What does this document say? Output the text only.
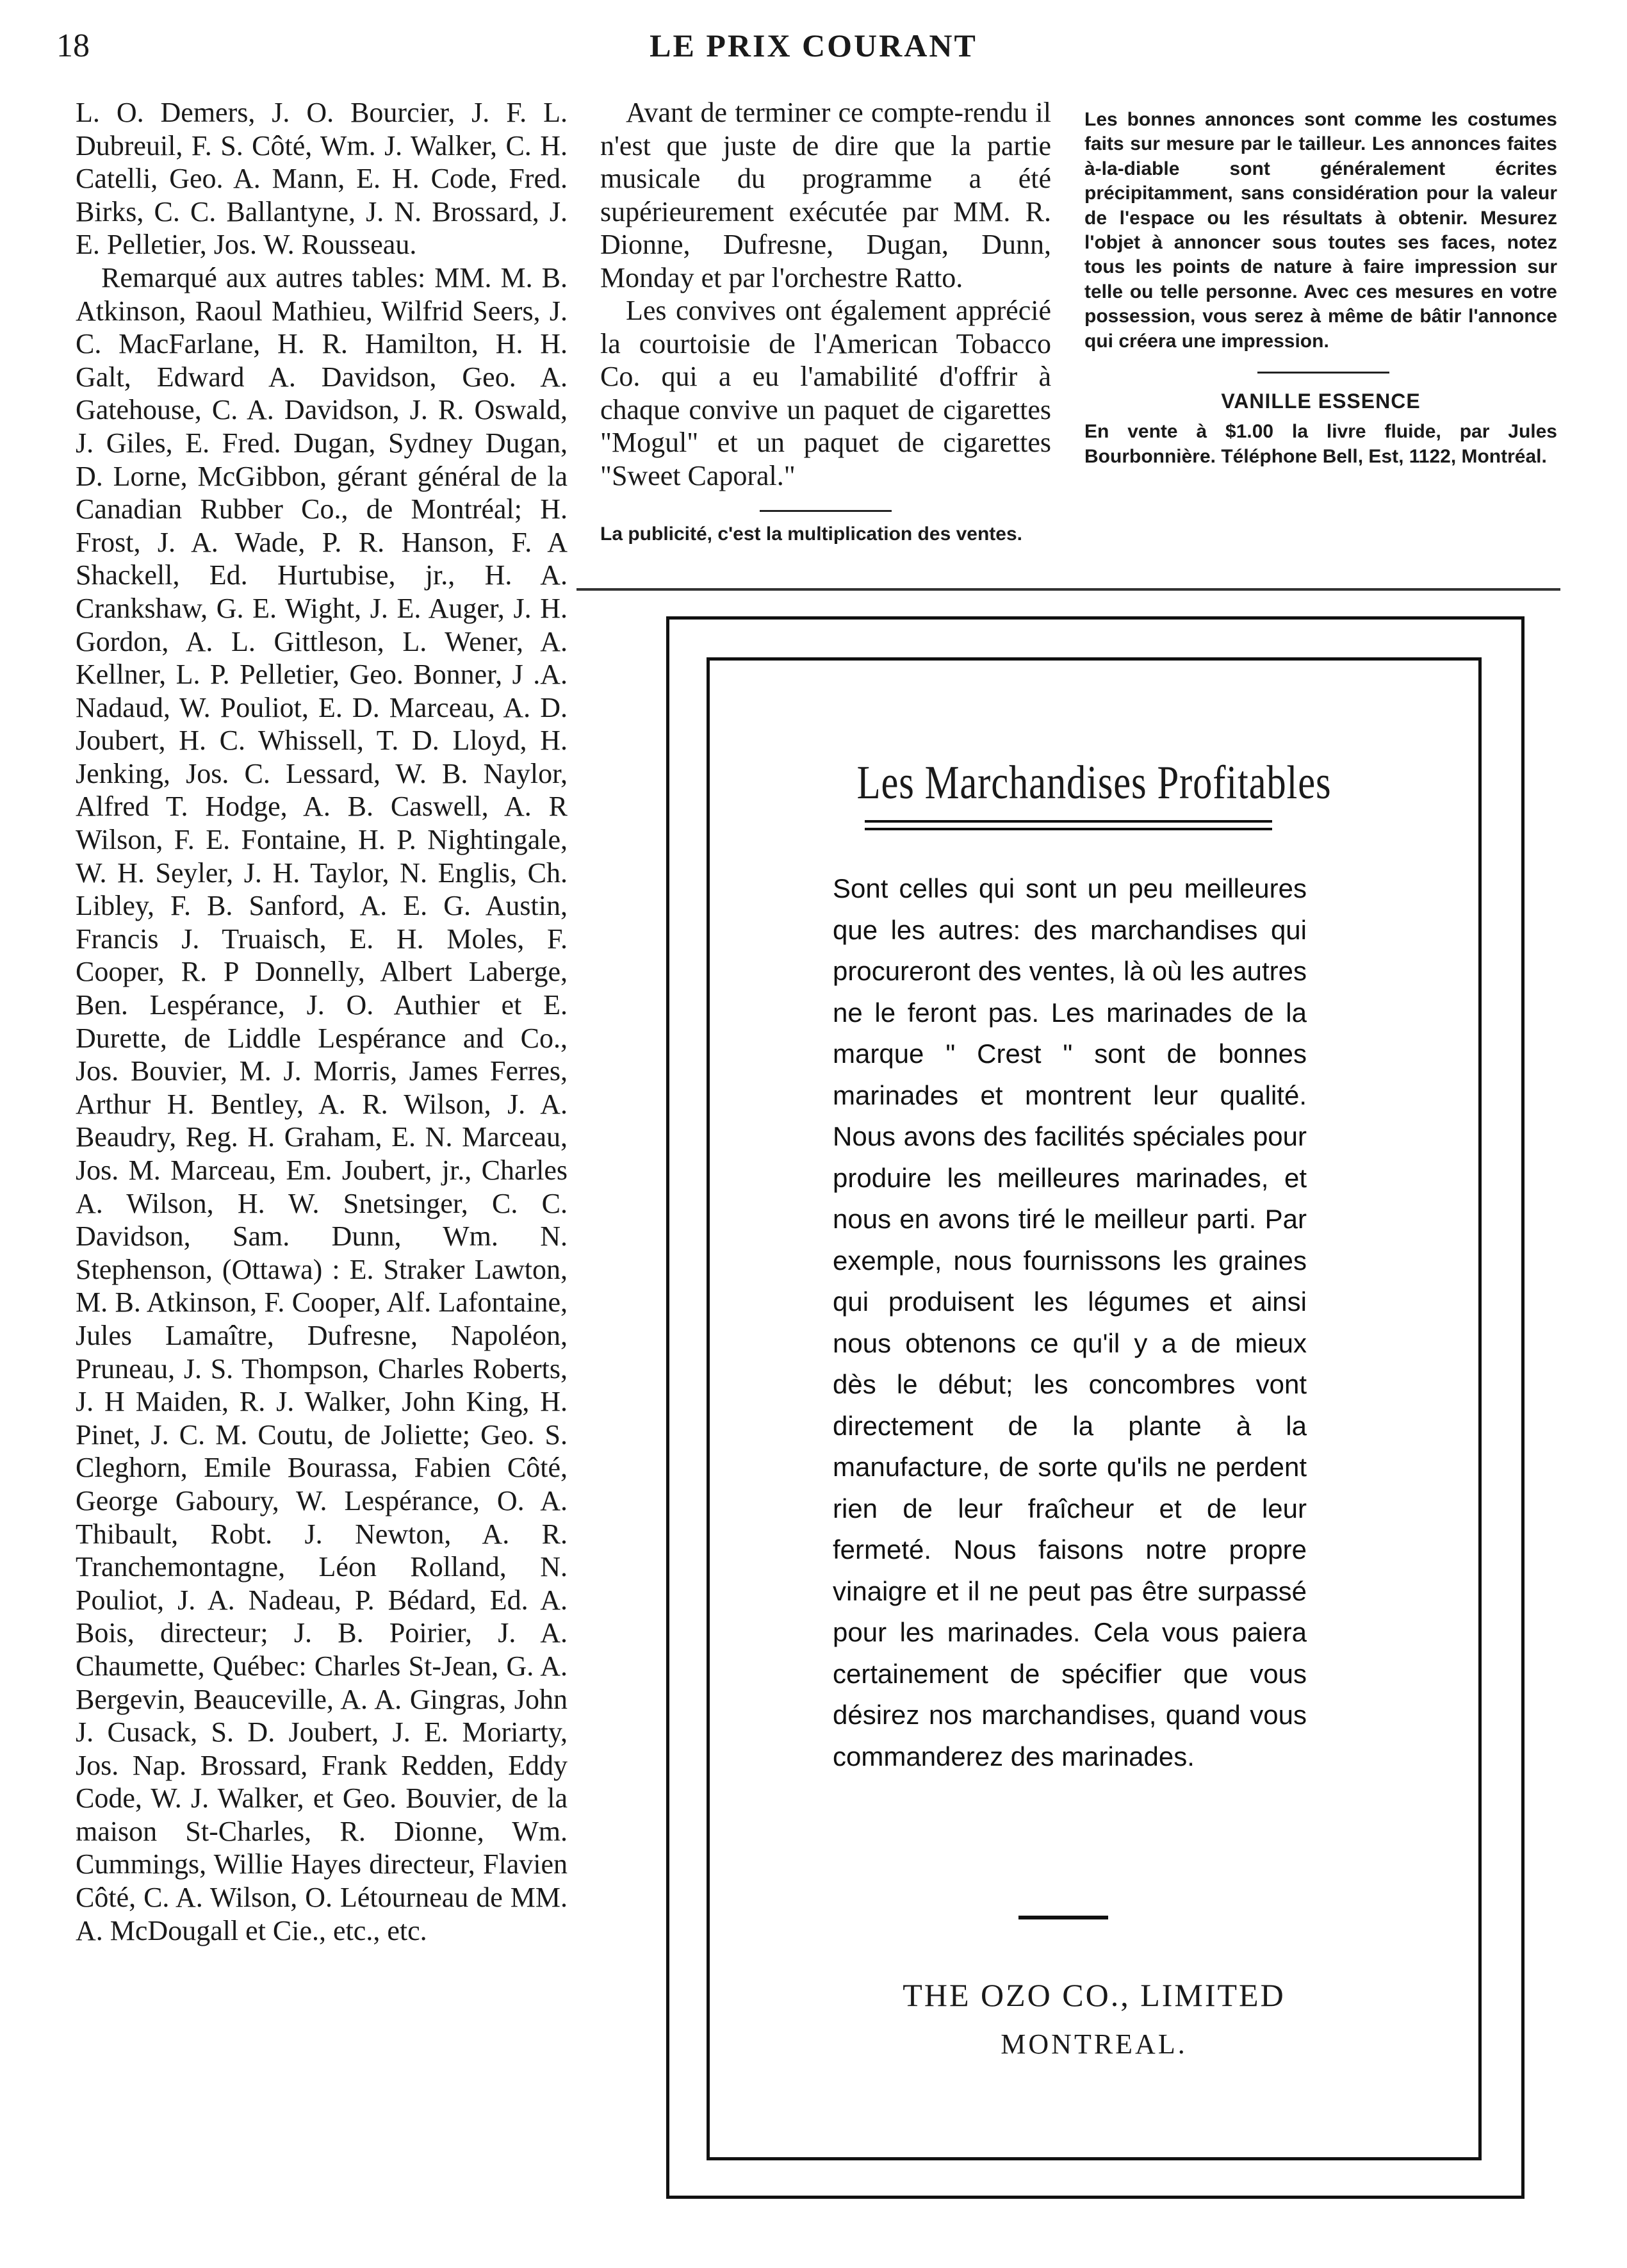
18	LE PRIX COURANT

L. O. Demers, J. O. Bourcier, J. F. L. Dubreuil, F. S. Côté, Wm. J. Walker, C. H. Catelli, Geo. A. Mann, E. H. Code, Fred. Birks, C. C. Ballantyne, J. N. Brossard, J. E. Pelletier, Jos. W. Rousseau.

Remarqué aux autres tables: MM. M. B. Atkinson, Raoul Mathieu, Wilfrid Seers, J. C. MacFarlane, H. R. Hamilton, H. H. Galt, Edward A. Davidson, Geo. A. Gatehouse, C. A. Davidson, J. R. Oswald, J. Giles, E. Fred. Dugan, Sydney Dugan, D. Lorne, McGibbon, gérant général de la Canadian Rubber Co., de Montréal; H. Frost, J. A. Wade, P. R. Hanson, F. A Shackell, Ed. Hurtubise, jr., H. A. Crankshaw, G. E. Wight, J. E. Auger, J. H. Gordon, A. L. Gittleson, L. Wener, A. Kellner, L. P. Pelletier, Geo. Bonner, J .A. Nadaud, W. Pouliot, E. D. Marceau, A. D. Joubert, H. C. Whissell, T. D. Lloyd, H. Jenking, Jos. C. Lessard, W. B. Naylor, Alfred T. Hodge, A. B. Caswell, A. R Wilson, F. E. Fontaine, H. P. Nightingale, W. H. Seyler, J. H. Taylor, N. Englis, Ch. Libley, F. B. Sanford, A. E. G. Austin, Francis J. Truaisch, E. H. Moles, F. Cooper, R. P Donnelly, Albert Laberge, Ben. Lespérance, J. O. Authier et E. Durette, de Liddle Lespérance and Co., Jos. Bouvier, M. J. Morris, James Ferres, Arthur H. Bentley, A. R. Wilson, J. A. Beaudry, Reg. H. Graham, E. N. Marceau, Jos. M. Marceau, Em. Joubert, jr., Charles A. Wilson, H. W. Snetsinger, C. C. Davidson, Sam. Dunn, Wm. N. Stephenson, (Ottawa) : E. Straker Lawton, M. B. Atkinson, F. Cooper, Alf. Lafontaine, Jules Lamaître, Dufresne, Napoléon, Pruneau, J. S. Thompson, Charles Roberts, J. H Maiden, R. J. Walker, John King, H. Pinet, J. C. M. Coutu, de Joliette; Geo. S. Cleghorn, Emile Bourassa, Fabien Côté, George Gaboury, W. Lespérance, O. A. Thibault, Robt. J. Newton, A. R. Tranchemontagne, Léon Rolland, N. Pouliot, J. A. Nadeau, P. Bédard, Ed. A. Bois, directeur; J. B. Poirier, J. A. Chaumette, Québec: Charles St-Jean, G. A. Bergevin, Beauceville, A. A. Gingras, John J. Cusack, S. D. Joubert, J. E. Moriarty, Jos. Nap. Brossard, Frank Redden, Eddy Code, W. J. Walker, et Geo. Bouvier, de la maison St-Charles, R. Dionne, Wm. Cummings, Willie Hayes directeur, Flavien Côté, C. A. Wilson, O. Létourneau de MM. A. McDougall et Cie., etc., etc.

Avant de terminer ce compte-rendu il n'est que juste de dire que la partie musicale du programme a été supérieurement exécutée par MM. R. Dionne, Dufresne, Dugan, Dunn, Monday et par l'orchestre Ratto.

Les convives ont également apprécié la courtoisie de l'American Tobacco Co. qui a eu l'amabilité d'offrir à chaque convive un paquet de cigarettes "Mogul" et un paquet de cigarettes "Sweet Caporal."

La publicité, c'est la multiplication des ventes.

Les bonnes annonces sont comme les costumes faits sur mesure par le tailleur. Les annonces faites à-la-diable sont généralement écrites précipitamment, sans considération pour la valeur de l'espace ou les résultats à obtenir. Mesurez l'objet à annoncer sous toutes ses faces, notez tous les points de nature à faire impression sur telle ou telle personne. Avec ces mesures en votre possession, vous serez à même de bâtir l'annonce qui créera une impression.

VANILLE ESSENCE

En vente à $1.00 la livre fluide, par Jules Bourbonnière. Téléphone Bell, Est, 1122, Montréal.

Les Marchandises Profitables

Sont celles qui sont un peu meilleures que les autres: des marchandises qui procureront des ventes, là où les autres ne le feront pas. Les marinades de la marque " Crest " sont de bonnes marinades et montrent leur qualité. Nous avons des facilités spéciales pour produire les meilleures marinades, et nous en avons tiré le meilleur parti. Par exemple, nous fournissons les graines qui produisent les légumes et ainsi nous obtenons ce qu'il y a de mieux dès le début; les concombres vont directement de la plante à la manufacture, de sorte qu'ils ne perdent rien de leur fraîcheur et de leur fermeté. Nous faisons notre propre vinaigre et il ne peut pas être surpassé pour les marinades. Cela vous paiera certainement de spécifier que vous désirez nos marchandises, quand vous commanderez des marinades.

THE OZO CO., LIMITED
MONTREAL.
